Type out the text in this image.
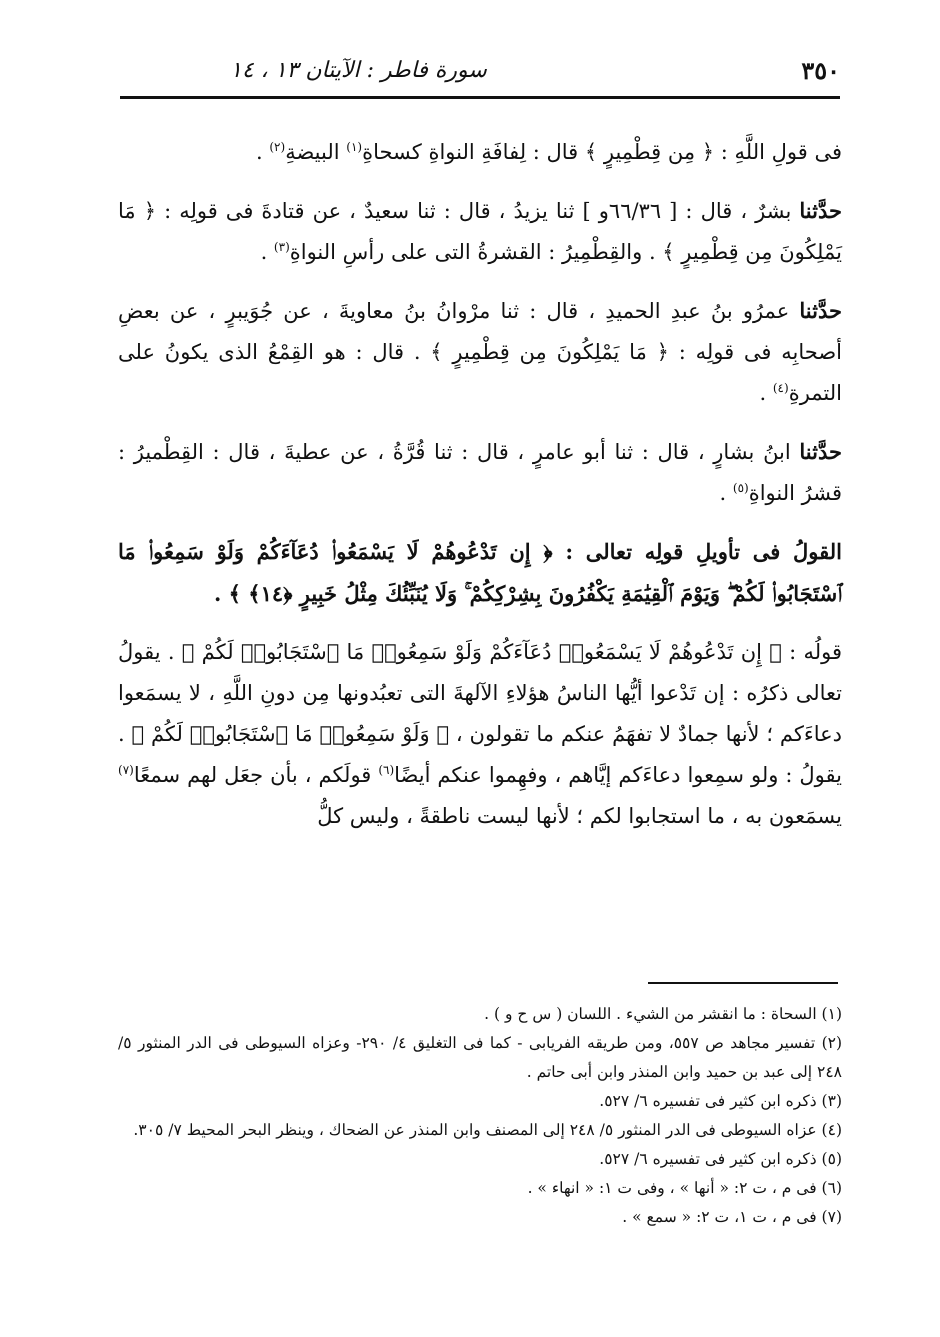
٣٥٠
سورة فاطر : الآيتان ١٣ ، ١٤

فى قولِ اللَّهِ : ﴿ مِن قِطْمِيرٍ ﴾ قال : لِفافَةِ النواةِ كسحاةِ$^{(١)}$ البيضةِ$^{(٢)}$ .

حدَّثنا بشرٌ ، قال : [ ٦٦/٣٦و ] ثنا يزيدُ ، قال : ثنا سعيدٌ ، عن قتادةَ فى قولِه : ﴿ مَا يَمْلِكُونَ مِن قِطْمِيرٍ ﴾ . والقِطْمِيرُ : القشرةُ التى على رأسِ النواةِ$^{(٣)}$ .

حدَّثنا عمرُو بنُ عبدِ الحميدِ ، قال : ثنا مرْوانُ بنُ معاويةَ ، عن جُوَيبرٍ ، عن بعضِ أصحابِه فى قولِه : ﴿ مَا يَمْلِكُونَ مِن قِطْمِيرٍ ﴾ . قال : هو القِمْعُ الذى يكونُ على التمرةِ$^{(٤)}$ .

حدَّثنا ابنُ بشارٍ ، قال : ثنا أبو عامرٍ ، قال : ثنا قُرَّةُ ، عن عطيةَ ، قال : القِطْميرُ : قشرُ النواةِ$^{(٥)}$ .

القولُ فى تأويلِ قولِه تعالى : ﴿ إِن تَدْعُوهُمْ لَا يَسْمَعُوا۟ دُعَآءَكُمْ وَلَوْ سَمِعُوا۟ مَا ٱسْتَجَابُوا۟ لَكُمْ ۖ وَيَوْمَ ٱلْقِيَٰمَةِ يَكْفُرُونَ بِشِرْكِكُمْ ۚ وَلَا يُنَبِّئُكَ مِثْلُ خَبِيرٍ ﴿١٤﴾ ﴾ .

قولُه : ﴿ إِن تَدْعُوهُمْ لَا يَسْمَعُوا۟ دُعَآءَكُمْ وَلَوْ سَمِعُوا۟ مَا ٱسْتَجَابُوا۟ لَكُمْ ﴾ . يقولُ تعالى ذكرُه : إن تَدْعوا أيُّها الناسُ هؤلاءِ الآلهةَ التى تعبُدونها مِن دونِ اللَّهِ ، لا يسمَعوا دعاءَكم ؛ لأنها جمادٌ لا تفهَمُ عنكم ما تقولون ، ﴿ وَلَوْ سَمِعُوا۟ مَا ٱسْتَجَابُوا۟ لَكُمْ ﴾ . يقولُ : ولو سمِعوا دعاءَكم إيَّاهم ، وفهِموا عنكم أيضًا$^{(٦)}$ قولَكم ، بأن جعَل لهم سمعًا$^{(٧)}$ يسمَعون به ، ما استجابوا لكم ؛ لأنها ليست ناطقةً ، وليس كلُّ

(١) السحاة : ما انقشر من الشيء . اللسان ( س ح و ) .

(٢) تفسير مجاهد ص ٥٥٧، ومن طريقه الفريابى - كما فى التغليق ٤/ ٢٩٠- وعزاه السيوطى فى الدر المنثور ٥/ ٢٤٨ إلى عبد بن حميد وابن المنذر وابن أبى حاتم .

(٣) ذكره ابن كثير فى تفسيره ٦/ ٥٢٧.

(٤) عزاه السيوطى فى الدر المنثور ٥/ ٢٤٨ إلى المصنف وابن المنذر عن الضحاك ، وينظر البحر المحيط ٧/ ٣٠٥.

(٥) ذكره ابن كثير فى تفسيره ٦/ ٥٢٧.

(٦) فى م ، ت ٢: « أنها » ، وفى ت ١: « انهاء » .

(٧) فى م ، ت ١، ت ٢: « سمع » .
